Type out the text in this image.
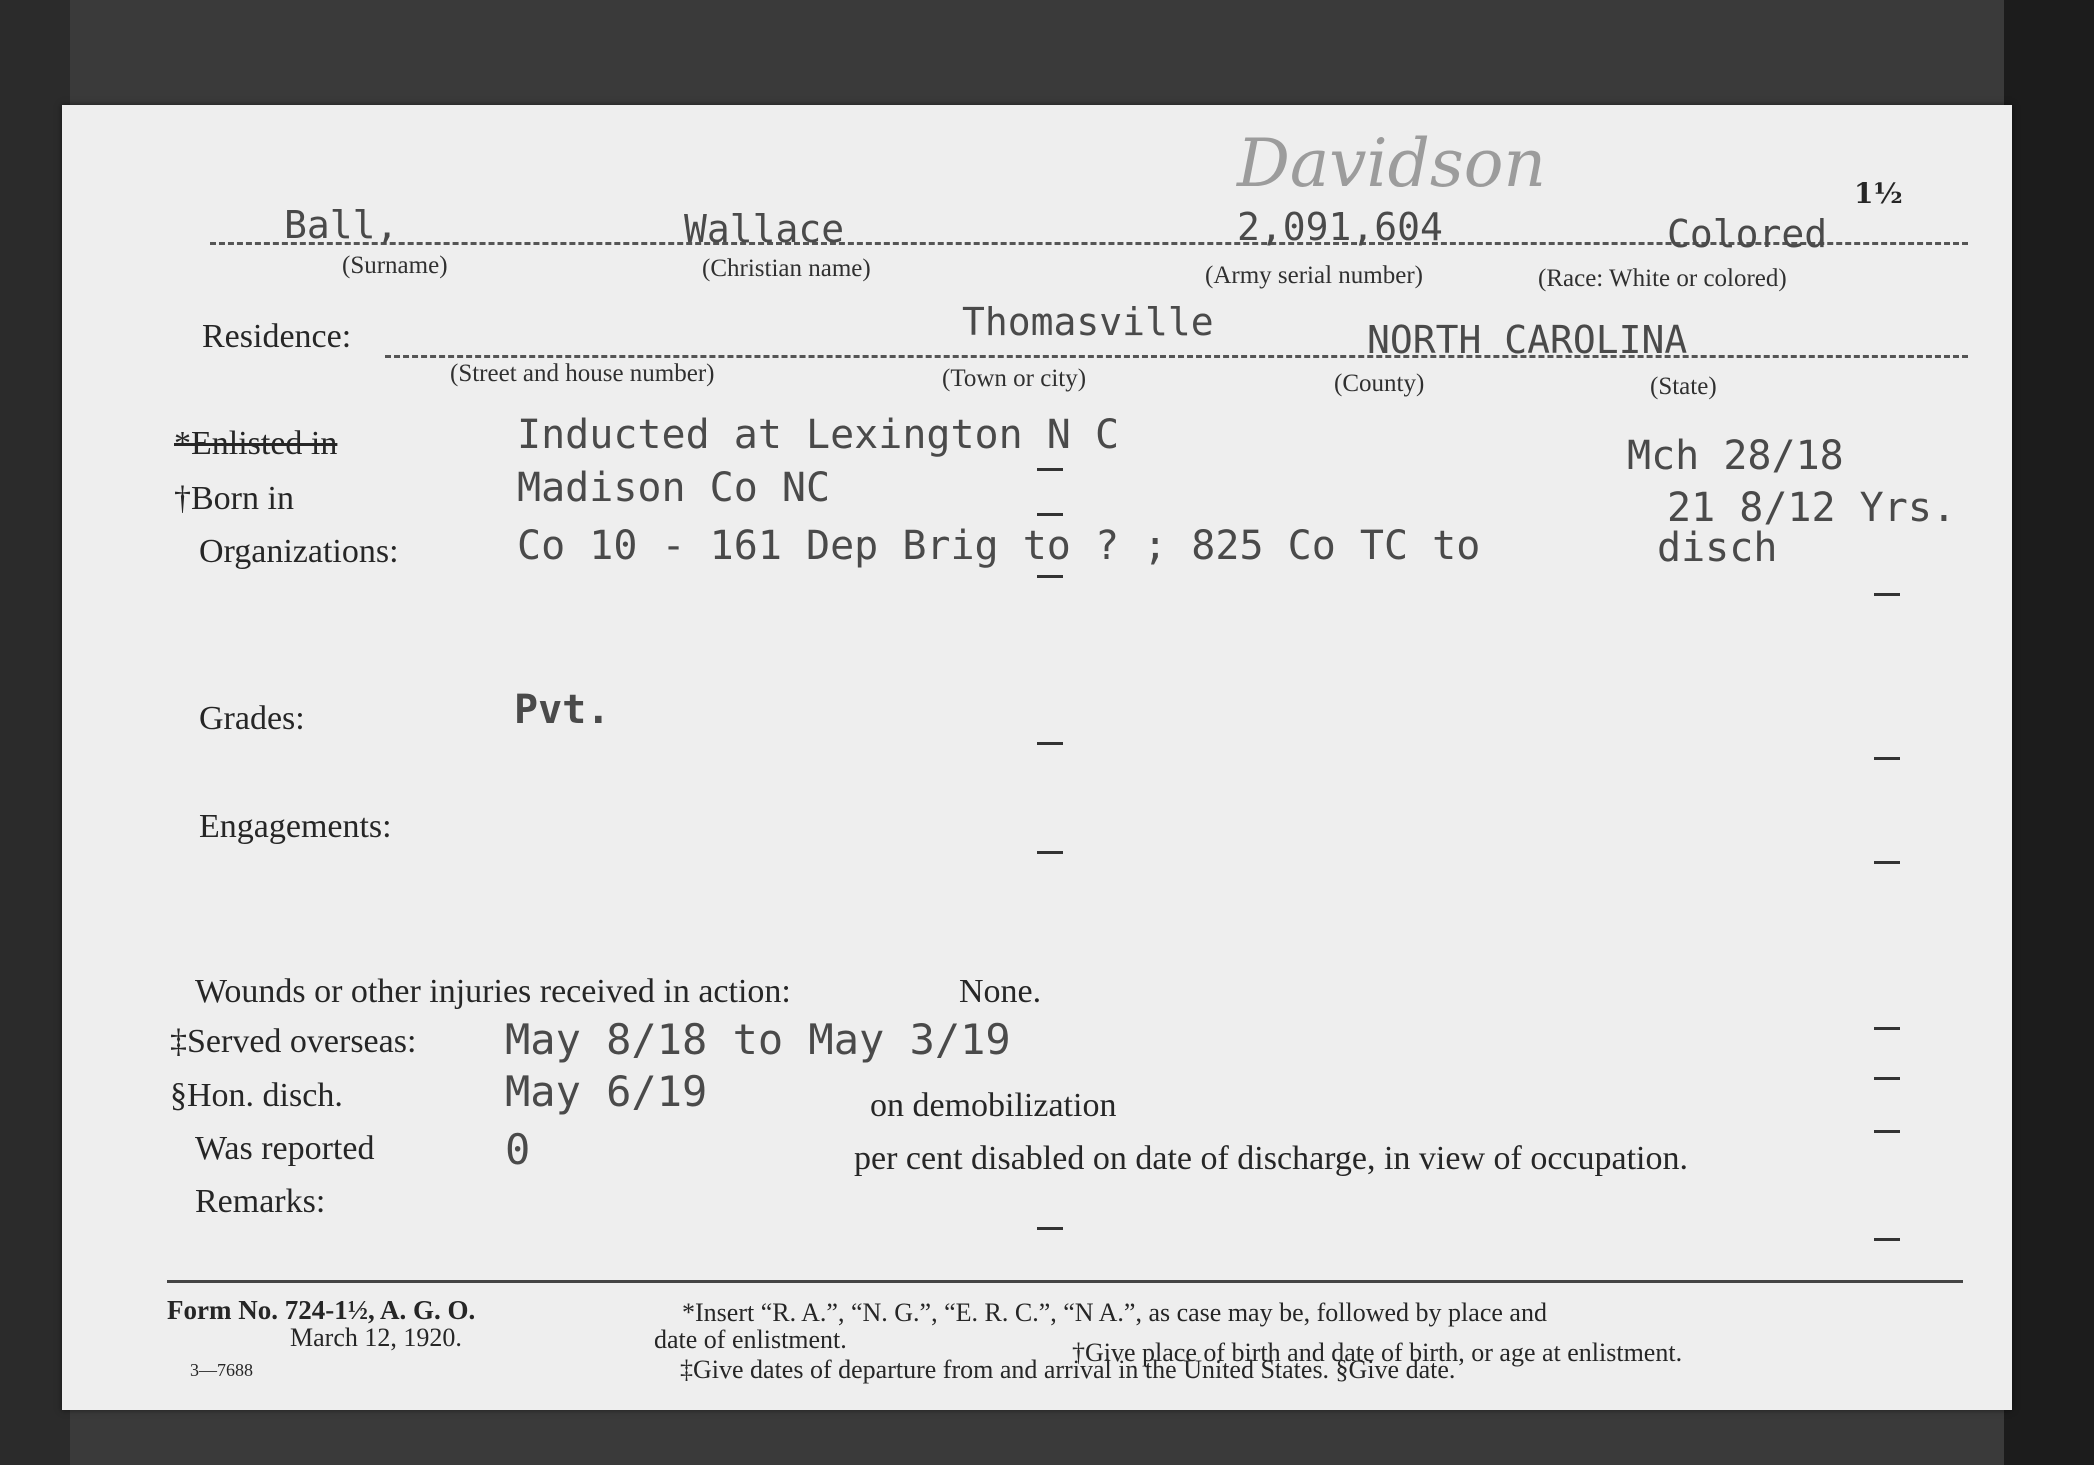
Davidson	1½
Ball,	Wallace	2,091,604	Colored
(Surname)	(Christian name)	(Army serial number)	(Race: White or colored)
Residence:	Thomasville	NORTH CAROLINA
(Street and house number)	(Town or city)	(County)	(State)
*Enlisted in	Inducted at Lexington N C	Mch 28/18
†Born in	Madison Co NC	21 8/12 Yrs.
Organizations:	Co 10 - 161 Dep Brig to ? ; 825 Co TC to	disch
Grades:	Pvt.
Engagements:
Wounds or other injuries received in action:	None.
‡Served overseas: May 8/18 to May 3/19
§Hon. disch.	May 6/19	on demobilization
Was reported	0	per cent disabled on date of discharge, in view of occupation.
Remarks:
Form No. 724-1½, A. G. O.
March 12, 1920.
3—7688
*Insert “R. A.”, “N. G.”, “E. R. C.”, “N A.”, as case may be, followed by place and
date of enlistment.	†Give place of birth and date of birth, or age at enlistment.
‡Give dates of departure from and arrival in the United States. §Give date.
